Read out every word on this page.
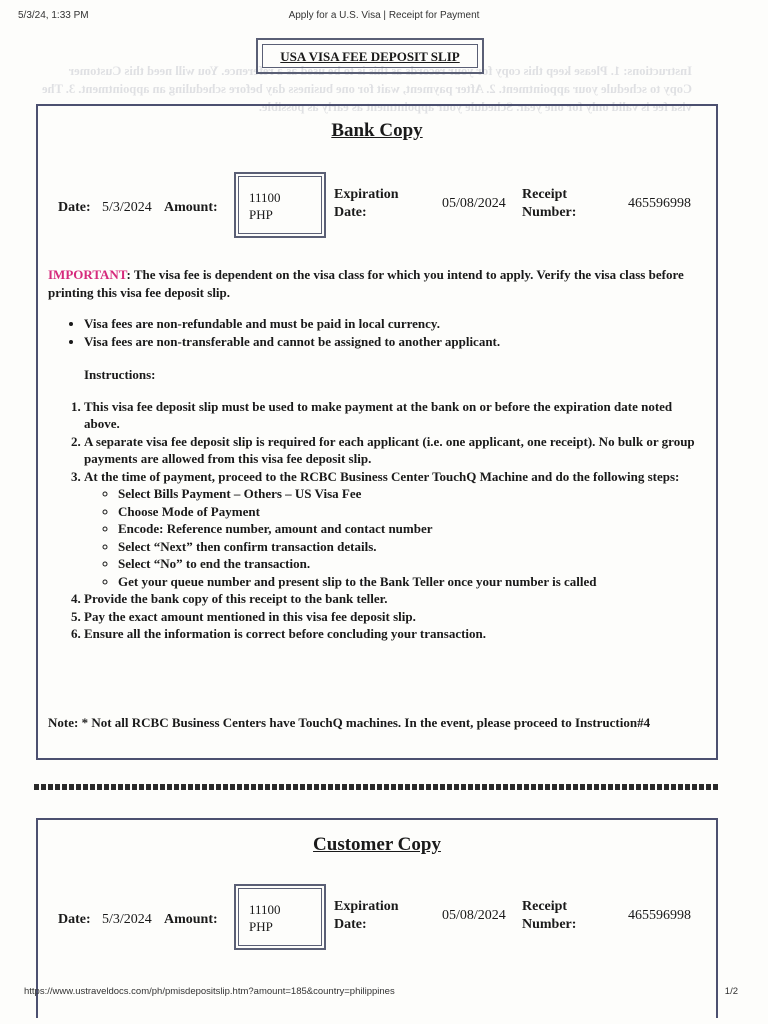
5/3/24, 1:33 PM	Apply for a U.S. Visa | Receipt for Payment
Instructions: 1. Please keep this copy for your records as this is to be used as a reference. You will need this Customer Copy to schedule your appointment. 2. After payment, wait for one business day before scheduling an appointment. 3. The visa fee is valid only for one year. Schedule your appointment as early as possible.
USA VISA FEE DEPOSIT SLIP
Bank Copy
Date: 5/3/2024 Amount:
11100
PHP
Expiration
Date:
05/08/2024
Receipt
Number:
465596998
IMPORTANT: The visa fee is dependent on the visa class for which you intend to apply. Verify the visa class before printing this visa fee deposit slip.
• Visa fees are non-refundable and must be paid in local currency.
• Visa fees are non-transferable and cannot be assigned to another applicant.
Instructions:
1. This visa fee deposit slip must be used to make payment at the bank on or before the expiration date noted above.
2. A separate visa fee deposit slip is required for each applicant (i.e. one applicant, one receipt). No bulk or group payments are allowed from this visa fee deposit slip.
3. At the time of payment, proceed to the RCBC Business Center TouchQ Machine and do the following steps:
◦ Select Bills Payment – Others – US Visa Fee
◦ Choose Mode of Payment
◦ Encode: Reference number, amount and contact number
◦ Select “Next” then confirm transaction details.
◦ Select “No” to end the transaction.
◦ Get your queue number and present slip to the Bank Teller once your number is called
4. Provide the bank copy of this receipt to the bank teller.
5. Pay the exact amount mentioned in this visa fee deposit slip.
6. Ensure all the information is correct before concluding your transaction.
Note: * Not all RCBC Business Centers have TouchQ machines. In the event, please proceed to Instruction#4
Customer Copy
Date: 5/3/2024 Amount:
11100
PHP
Expiration
Date:
05/08/2024
Receipt
Number:
465596998
https://www.ustraveldocs.com/ph/pmisdepositslip.htm?amount=185&country=philippines	1/2
